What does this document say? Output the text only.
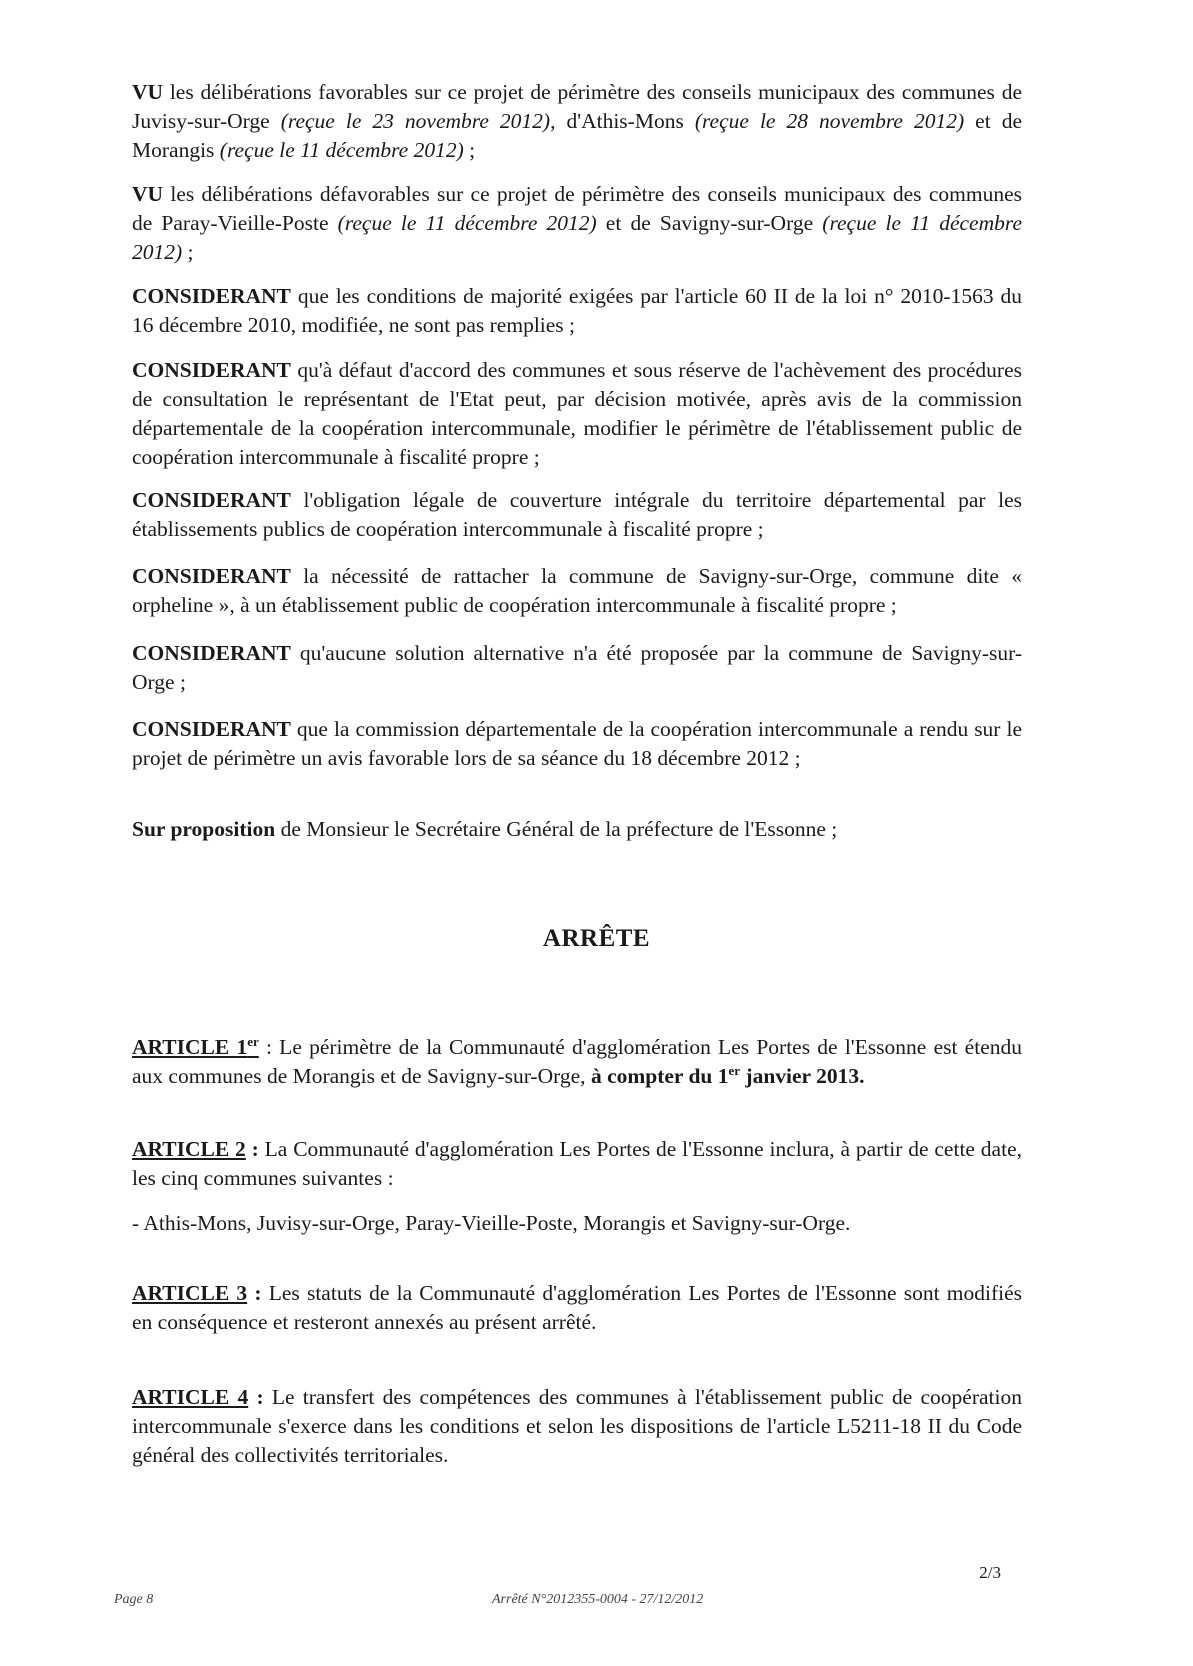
VU les délibérations favorables sur ce projet de périmètre des conseils municipaux des communes de Juvisy-sur-Orge (reçue le 23 novembre 2012), d'Athis-Mons (reçue le 28 novembre 2012) et de Morangis (reçue le 11 décembre 2012) ;

VU les délibérations défavorables sur ce projet de périmètre des conseils municipaux des communes de Paray-Vieille-Poste (reçue le 11 décembre 2012) et de Savigny-sur-Orge (reçue le 11 décembre 2012) ;

CONSIDERANT que les conditions de majorité exigées par l'article 60 II de la loi n° 2010-1563 du 16 décembre 2010, modifiée, ne sont pas remplies ;

CONSIDERANT qu'à défaut d'accord des communes et sous réserve de l'achèvement des procédures de consultation le représentant de l'Etat peut, par décision motivée, après avis de la commission départementale de la coopération intercommunale, modifier le périmètre de l'établissement public de coopération intercommunale à fiscalité propre ;

CONSIDERANT l'obligation légale de couverture intégrale du territoire départemental par les établissements publics de coopération intercommunale à fiscalité propre ;

CONSIDERANT la nécessité de rattacher la commune de Savigny-sur-Orge, commune dite « orpheline », à un établissement public de coopération intercommunale à fiscalité propre ;

CONSIDERANT qu'aucune solution alternative n'a été proposée par la commune de Savigny-sur-Orge ;

CONSIDERANT que la commission départementale de la coopération intercommunale a rendu sur le projet de périmètre un avis favorable lors de sa séance du 18 décembre 2012 ;

Sur proposition de Monsieur le Secrétaire Général de la préfecture de l'Essonne ;

ARRÊTE

ARTICLE 1er : Le périmètre de la Communauté d'agglomération Les Portes de l'Essonne est étendu aux communes de Morangis et de Savigny-sur-Orge, à compter du 1er janvier 2013.

ARTICLE 2 : La Communauté d'agglomération Les Portes de l'Essonne inclura, à partir de cette date, les cinq communes suivantes :

- Athis-Mons, Juvisy-sur-Orge, Paray-Vieille-Poste, Morangis et Savigny-sur-Orge.

ARTICLE 3 : Les statuts de la Communauté d'agglomération Les Portes de l'Essonne sont modifiés en conséquence et resteront annexés au présent arrêté.

ARTICLE 4 : Le transfert des compétences des communes à l'établissement public de coopération intercommunale s'exerce dans les conditions et selon les dispositions de l'article L5211-18 II du Code général des collectivités territoriales.

2/3
Page 8	Arrêté N°2012355-0004 - 27/12/2012
